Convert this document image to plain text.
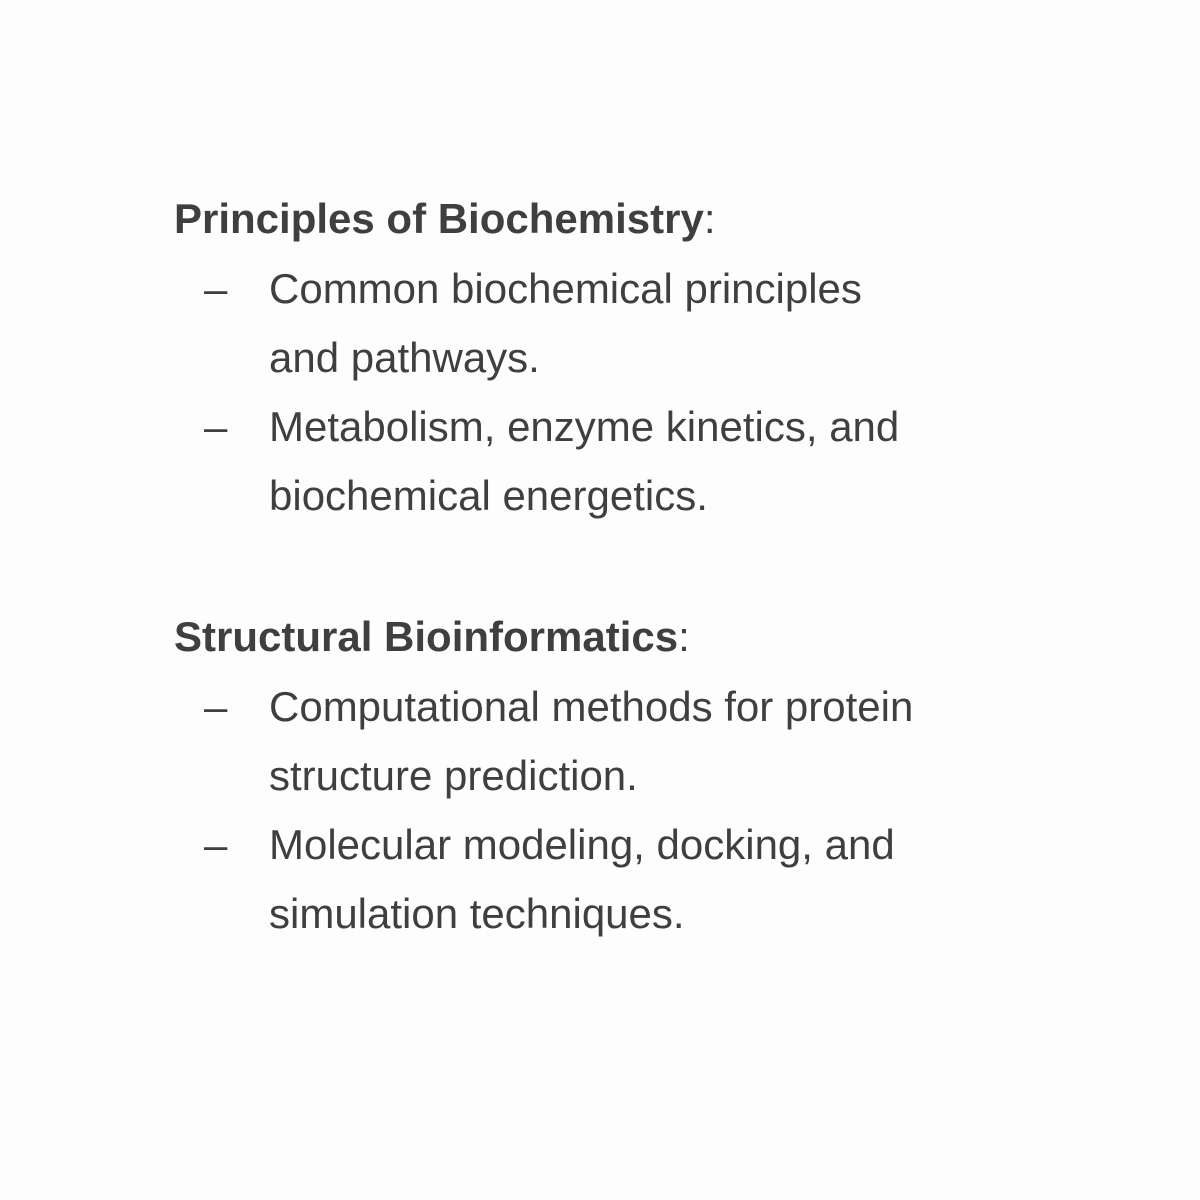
Principles of Biochemistry:
– Common biochemical principles
and pathways.
– Metabolism, enzyme kinetics, and
biochemical energetics.
Structural Bioinformatics:
– Computational methods for protein
structure prediction.
– Molecular modeling, docking, and
simulation techniques.
